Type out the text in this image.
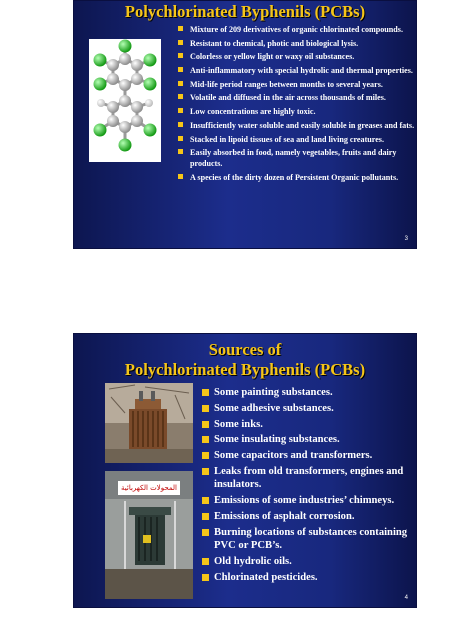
Polychlorinated Byphenils (PCBs)
Mixture of 209 derivatives of organic chlorinated compounds.
Resistant to chemical, photic and biological lysis.
Colorless or yellow light or waxy oil substances.
Anti-inflammatory with special hydrolic and thermal properties.
Mid-life period ranges between months to several years.
Volatile and diffused in the air across thousands of miles.
Low concentrations are highly toxic.
Insufficiently water soluble and easily soluble in greases and fats.
Stacked in lipoid tissues of sea and land living creatures.
Easily absorbed in food, namely vegetables, fruits and dairy products.
A species of the dirty dozen of Persistent Organic pollutants.
3
Sources of
Polychlorinated Byphenils (PCBs)
المحولات الكهربائية
Some painting substances.
Some adhesive substances.
Some inks.
Some insulating substances.
Some capacitors and transformers.
Leaks from old transformers, engines and insulators.
Emissions of some industries’ chimneys.
Emissions of asphalt corrosion.
Burning locations of substances containing PVC or PCB’s.
Old hydrolic oils.
Chlorinated pesticides.
4
